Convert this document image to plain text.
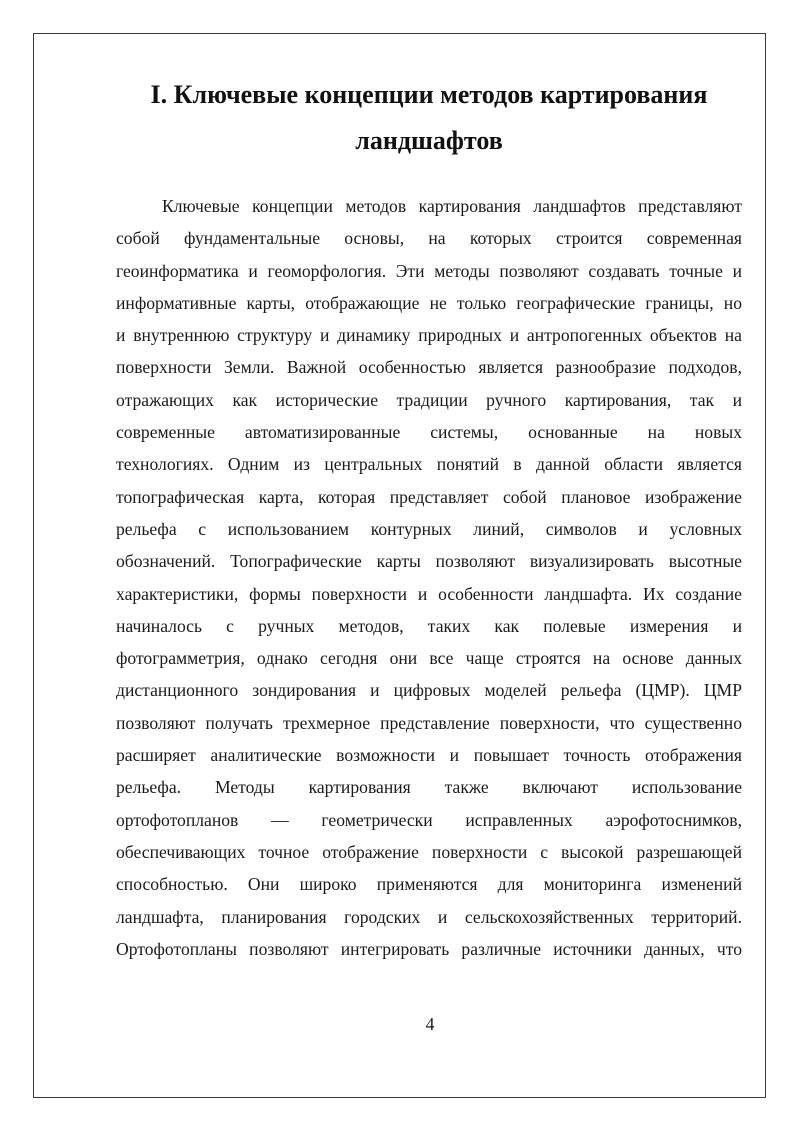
I. Ключевые концепции методов картирования
ландшафтов
Ключевые концепции методов картирования ландшафтов представляют
собой фундаментальные основы, на которых строится современная
геоинформатика и геоморфология. Эти методы позволяют создавать точные и
информативные карты, отображающие не только географические границы, но
и внутреннюю структуру и динамику природных и антропогенных объектов на
поверхности Земли. Важной особенностью является разнообразие подходов,
отражающих как исторические традиции ручного картирования, так и
современные автоматизированные системы, основанные на новых
технологиях. Одним из центральных понятий в данной области является
топографическая карта, которая представляет собой плановое изображение
рельефа с использованием контурных линий, символов и условных
обозначений. Топографические карты позволяют визуализировать высотные
характеристики, формы поверхности и особенности ландшафта. Их создание
начиналось с ручных методов, таких как полевые измерения и
фотограмметрия, однако сегодня они все чаще строятся на основе данных
дистанционного зондирования и цифровых моделей рельефа (ЦМР). ЦМР
позволяют получать трехмерное представление поверхности, что существенно
расширяет аналитические возможности и повышает точность отображения
рельефа. Методы картирования также включают использование
ортофотопланов — геометрически исправленных аэрофотоснимков,
обеспечивающих точное отображение поверхности с высокой разрешающей
способностью. Они широко применяются для мониторинга изменений
ландшафта, планирования городских и сельскохозяйственных территорий.
Ортофотопланы позволяют интегрировать различные источники данных, что
4
